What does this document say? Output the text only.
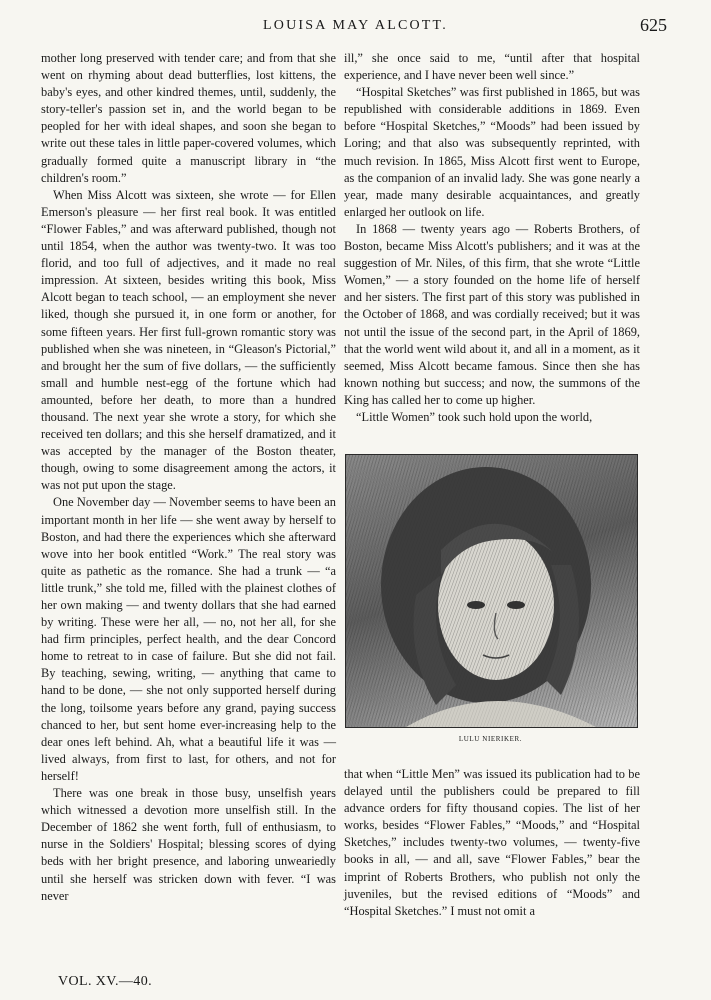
LOUISA MAY ALCOTT.	625

mother long preserved with tender care; and from that she went on rhyming about dead butterflies, lost kittens, the baby's eyes, and other kindred themes, until, suddenly, the story-teller's passion set in, and the world began to be peopled for her with ideal shapes, and soon she began to write out these tales in little paper-covered volumes, which gradually formed quite a manuscript library in “the children's room.”

When Miss Alcott was sixteen, she wrote — for Ellen Emerson's pleasure — her first real book. It was entitled “Flower Fables,” and was afterward published, though not until 1854, when the author was twenty-two. It was too florid, and too full of adjectives, and it made no real impression. At sixteen, besides writing this book, Miss Alcott began to teach school, — an employment she never liked, though she pursued it, in one form or another, for some fifteen years. Her first full-grown romantic story was published when she was nineteen, in “Gleason's Pictorial,” and brought her the sum of five dollars, — the sufficiently small and humble nest-egg of the fortune which had amounted, before her death, to more than a hundred thousand. The next year she wrote a story, for which she received ten dollars; and this she herself dramatized, and it was accepted by the manager of the Boston theater, though, owing to some disagreement among the actors, it was not put upon the stage.

One November day — November seems to have been an important month in her life — she went away by herself to Boston, and had there the experiences which she afterward wove into her book entitled “Work.” The real story was quite as pathetic as the romance. She had a trunk — “a little trunk,” she told me, filled with the plainest clothes of her own making — and twenty dollars that she had earned by writing. These were her all, — no, not her all, for she had firm principles, perfect health, and the dear Concord home to retreat to in case of failure. But she did not fail. By teaching, sewing, writing, — anything that came to hand to be done, — she not only supported herself during the long, toilsome years before any grand, paying success chanced to her, but sent home ever-increasing help to the dear ones left behind. Ah, what a beautiful life it was — lived always, from first to last, for others, and not for herself!

There was one break in those busy, unselfish years which witnessed a devotion more unselfish still. In the December of 1862 she went forth, full of enthusiasm, to nurse in the Soldiers' Hospital; blessing scores of dying beds with her bright presence, and laboring unweariedly until she herself was stricken down with fever. “I was never

ill,” she once said to me, “until after that hospital experience, and I have never been well since.”

“Hospital Sketches” was first published in 1865, but was republished with considerable additions in 1869. Even before “Hospital Sketches,” “Moods” had been issued by Loring; and that also was subsequently reprinted, with much revision. In 1865, Miss Alcott first went to Europe, as the companion of an invalid lady. She was gone nearly a year, made many desirable acquaintances, and greatly enlarged her outlook on life.

In 1868 — twenty years ago — Roberts Brothers, of Boston, became Miss Alcott's publishers; and it was at the suggestion of Mr. Niles, of this firm, that she wrote “Little Women,” — a story founded on the home life of herself and her sisters. The first part of this story was published in the October of 1868, and was cordially received; but it was not until the issue of the second part, in the April of 1869, that the world went wild about it, and all in a moment, as it seemed, Miss Alcott became famous. Since then she has known nothing but success; and now, the summons of the King has called her to come up higher.

“Little Women” took such hold upon the world,

LULU NIERIKER.

that when “Little Men” was issued its publication had to be delayed until the publishers could be prepared to fill advance orders for fifty thousand copies. The list of her works, besides “Flower Fables,” “Moods,” and “Hospital Sketches,” includes twenty-two volumes, — twenty-five books in all, — and all, save “Flower Fables,” bear the imprint of Roberts Brothers, who publish not only the juveniles, but the revised editions of “Moods” and “Hospital Sketches.” I must not omit a

VOL. XV.—40.
